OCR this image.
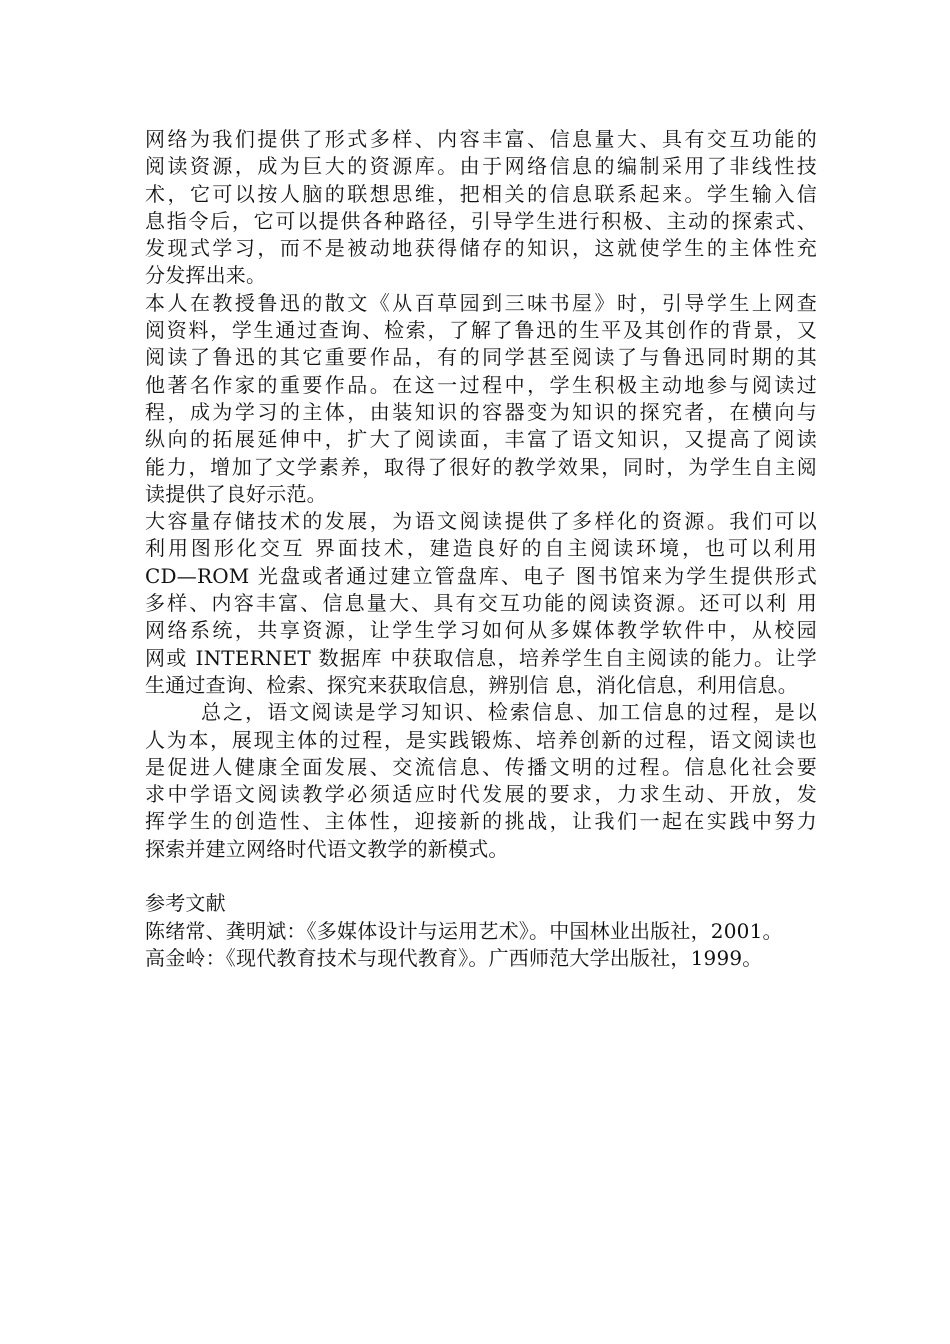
网络为我们提供了形式多样、内容丰富、信息量大、具有交互功能的
阅读资源，成为巨大的资源库。由于网络信息的编制采用了非线性技
术，它可以按人脑的联想思维，把相关的信息联系起来。学生输入信
息指令后，它可以提供各种路径，引导学生进行积极、主动的探索式、
发现式学习，而不是被动地获得储存的知识，这就使学生的主体性充
分发挥出来。
本人在教授鲁迅的散文《从百草园到三味书屋》时，引导学生上网查
阅资料，学生通过查询、检索，了解了鲁迅的生平及其创作的背景，又
阅读了鲁迅的其它重要作品，有的同学甚至阅读了与鲁迅同时期的其
他著名作家的重要作品。在这一过程中，学生积极主动地参与阅读过
程，成为学习的主体，由装知识的容器变为知识的探究者，在横向与
纵向的拓展延伸中，扩大了阅读面，丰富了语文知识，又提高了阅读
能力，增加了文学素养，取得了很好的教学效果，同时，为学生自主阅
读提供了良好示范。
大容量存储技术的发展，为语文阅读提供了多样化的资源。我们可以
利用图形化交互 界面技术，建造良好的自主阅读环境，也可以利用
CD—ROM 光盘或者通过建立管盘库、电子 图书馆来为学生提供形式
多样、内容丰富、信息量大、具有交互功能的阅读资源。还可以利 用
网络系统，共享资源，让学生学习如何从多媒体教学软件中，从校园
网或 INTERNET 数据库 中获取信息，培养学生自主阅读的能力。让学
生通过查询、检索、探究来获取信息，辨别信 息，消化信息，利用信息。
总之，语文阅读是学习知识、检索信息、加工信息的过程，是以
人为本，展现主体的过程，是实践锻炼、培养创新的过程，语文阅读也
是促进人健康全面发展、交流信息、传播文明的过程。信息化社会要
求中学语文阅读教学必须适应时代发展的要求，力求生动、开放，发
挥学生的创造性、主体性，迎接新的挑战，让我们一起在实践中努力
探索并建立网络时代语文教学的新模式。
参考文献
陈绪常、龚明斌：《多媒体设计与运用艺术》。中国林业出版社，2001。
高金岭：《现代教育技术与现代教育》。广西师范大学出版社，1999。
